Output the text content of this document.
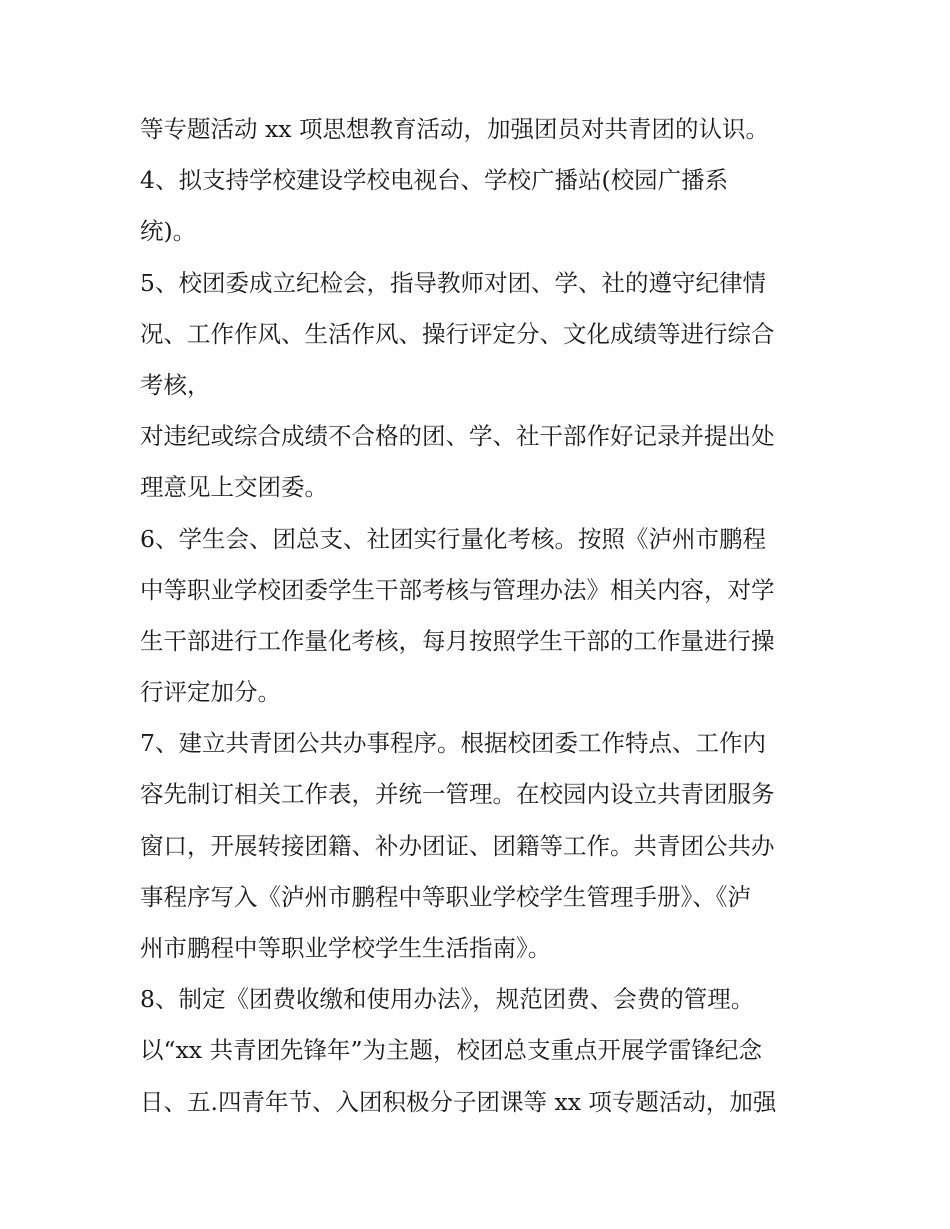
等专题活动 xx 项思想教育活动，加强团员对共青团的认识。
4、拟支持学校建设学校电视台、学校广播站(校园广播系
统)。
5、校团委成立纪检会，指导教师对团、学、社的遵守纪律情
况、工作作风、生活作风、操行评定分、文化成绩等进行综合
考核，
对违纪或综合成绩不合格的团、学、社干部作好记录并提出处
理意见上交团委。
6、学生会、团总支、社团实行量化考核。按照《泸州市鹏程
中等职业学校团委学生干部考核与管理办法》相关内容，对学
生干部进行工作量化考核，每月按照学生干部的工作量进行操
行评定加分。
7、建立共青团公共办事程序。根据校团委工作特点、工作内
容先制订相关工作表，并统一管理。在校园内设立共青团服务
窗口，开展转接团籍、补办团证、团籍等工作。共青团公共办
事程序写入《泸州市鹏程中等职业学校学生管理手册》、《泸
州市鹏程中等职业学校学生生活指南》。
8、制定《团费收缴和使用办法》，规范团费、会费的管理。
以“xx 共青团先锋年”为主题，校团总支重点开展学雷锋纪念
日、五.四青年节、入团积极分子团课等 xx 项专题活动，加强
